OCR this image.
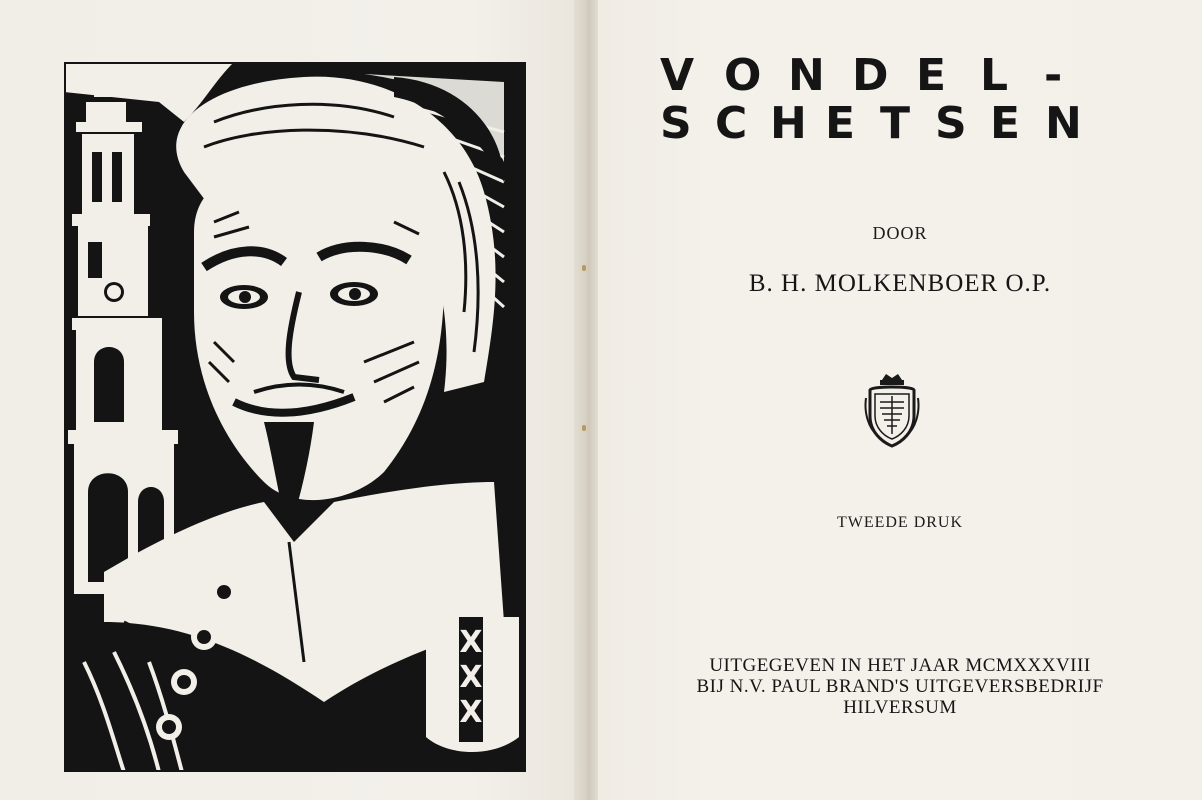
X
X
X
V O N D E L -
S C H E T S E N
DOOR
B. H. MOLKENBOER O.P.
TWEEDE DRUK
UITGEGEVEN IN HET JAAR MCMXXXVIII
BIJ N.V. PAUL BRAND'S UITGEVERSBEDRIJF
HILVERSUM
